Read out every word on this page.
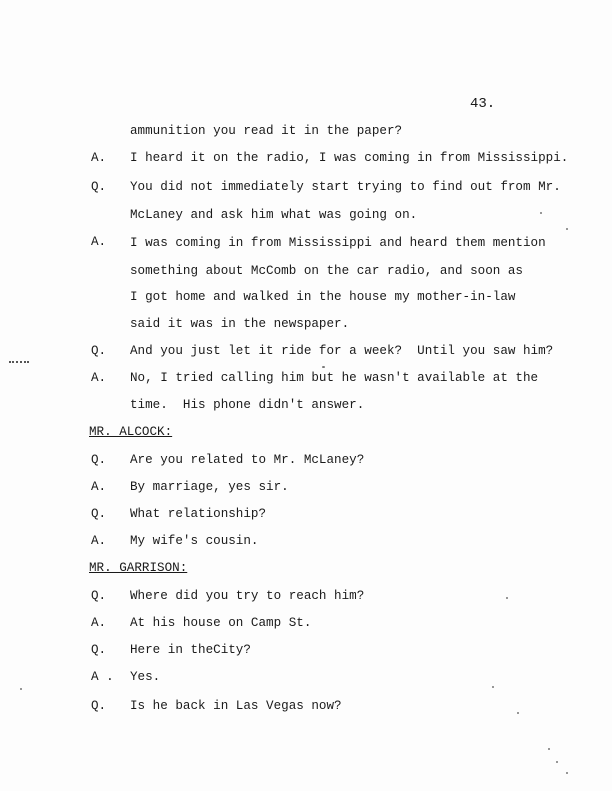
43.
ammunition you read it in the paper?
A. I heard it on the radio, I was coming in from Mississippi.
Q. You did not immediately start trying to find out from Mr.
McLaney and ask him what was going on.
A. I was coming in from Mississippi and heard them mention
something about McComb on the car radio, and soon as
I got home and walked in the house my mother-in-law
said it was in the newspaper.
Q. And you just let it ride for a week?  Until you saw him?
A. No, I tried calling him but he wasn't available at the
time.  His phone didn't answer.
MR. ALCOCK:
Q. Are you related to Mr. McLaney?
A. By marriage, yes sir.
Q. What relationship?
A. My wife's cousin.
MR. GARRISON:
Q. Where did you try to reach him?
A. At his house on Camp St.
Q. Here in theCity?
A . Yes.
Q. Is he back in Las Vegas now?
